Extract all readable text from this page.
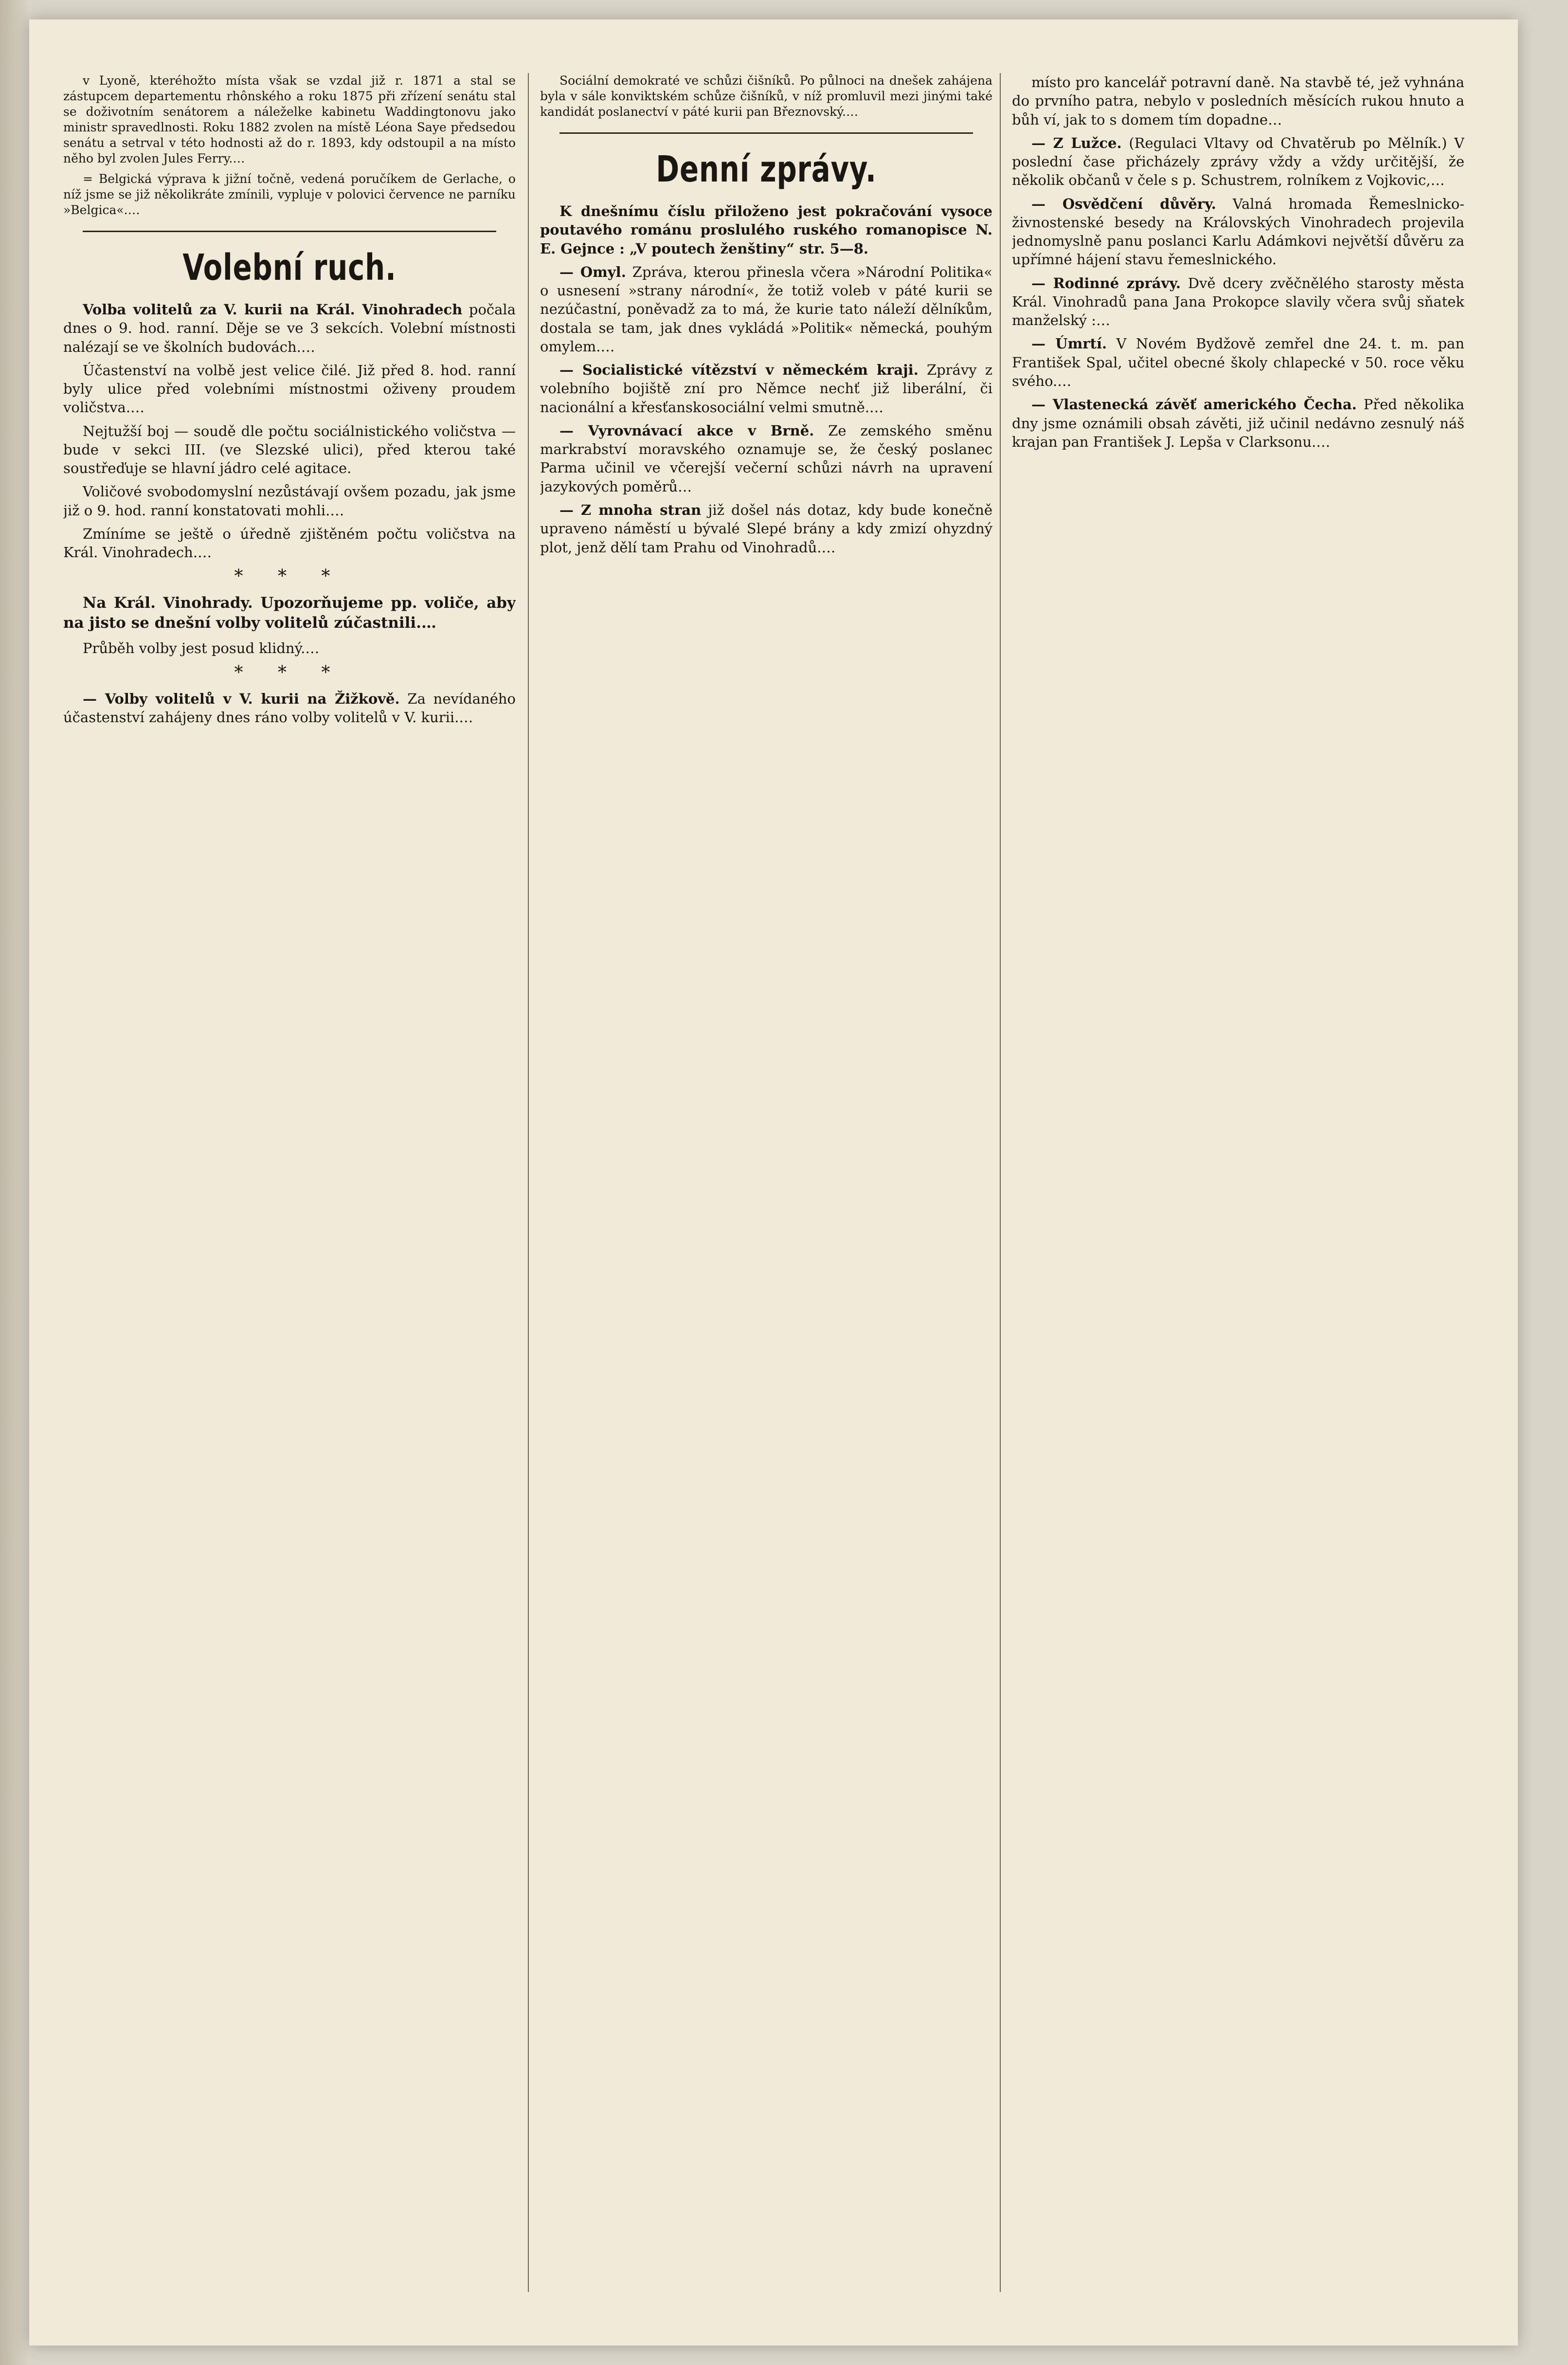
v Lyoně, kteréhožto místa však se vzdal již r. 1871 a stal se zástupcem departementu rhônského a roku 1875 při zřízení senátu stal se doživotním senátorem a náleželke kabinetu Waddingtonovu jako ministr spravedlnosti. Roku 1882 zvolen na místě Léona Saye předsedou senátu a setrval v této hodnosti až do r. 1893, kdy odstoupil a na místo něho byl zvolen Jules Ferry.…

= Belgická výprava k jižní točně, vedená poručíkem de Gerlache, o níž jsme se již několikráte zmínili, vypluje v polovici července ne parníku »Belgica«.…

Volební ruch.

Volba volitelů za V. kurii na Král. Vinohradech počala dnes o 9. hod. ranní. Děje se ve 3 sekcích. Volební místnosti nalézají se ve školních budovách.…

Účastenství na volbě jest velice čilé. Již před 8. hod. ranní byly ulice před volebními místnostmi oživeny proudem voličstva.…

Nejtužší boj — soudě dle počtu sociálnistického voličstva — bude v sekci III. (ve Slezské ulici), před kterou také soustřeďuje se hlavní jádro celé agitace.

Voličové svobodomyslní nezůstávají ovšem pozadu, jak jsme již o 9. hod. ranní konstatovati mohli.…

Zmíníme se ještě o úředně zjištěném počtu voličstva na Král. Vinohradech.…

* * *

Na Král. Vinohrady. Upozorňujeme pp. voliče, aby na jisto se dnešní volby volitelů zúčastnili.…

Průběh volby jest posud klidný.…

* * *

— Volby volitelů v V. kurii na Žižkově. Za nevídaného účastenství zahájeny dnes ráno volby volitelů v V. kurii.…

Sociální demokraté ve schůzi čišníků. Po půlnoci na dnešek zahájena byla v sále konviktském schůze čišníků, v níž promluvil mezi jinými také kandidát poslanectví v páté kurii pan Březnovský.…

Denní zprávy.

K dnešnímu číslu přiloženo jest pokračování vysoce poutavého románu proslulého ruského romanopisce N. E. Gejnce : „V poutech ženštiny“ str. 5—8.

— Omyl. Zpráva, kterou přinesla včera »Národní Politika« o usnesení »strany národní«, že totiž voleb v páté kurii se nezúčastní, poněvadž za to má, že kurie tato náleží dělníkům, dostala se tam, jak dnes vykládá »Politik« německá, pouhým omylem.…

— Socialistické vítězství v německém kraji. Zprávy z volebního bojiště zní pro Němce nechť již liberální, či nacionální a křesťanskosociální velmi smutně.…

— Vyrovnávací akce v Brně. Ze zemského směnu markrabství moravského oznamuje se, že český poslanec Parma učinil ve včerejší večerní schůzi návrh na upravení jazykových poměrů…

— Z mnoha stran již došel nás dotaz, kdy bude konečně upraveno náměstí u bývalé Slepé brány a kdy zmizí ohyzdný plot, jenž dělí tam Prahu od Vinohradů.…

místo pro kancelář potravní daně. Na stavbě té, jež vyhnána do prvního patra, nebylo v posledních měsících rukou hnuto a bůh ví, jak to s domem tím dopadne…

— Z Lužce. (Regulaci Vltavy od Chvatěrub po Mělník.) V poslední čase přicházely zprávy vždy a vždy určitější, že několik občanů v čele s p. Schustrem, rolníkem z Vojkovic,…

— Osvědčení důvěry. Valná hromada Řemeslnicko-živnostenské besedy na Královských Vinohradech projevila jednomyslně panu poslanci Karlu Adámkovi největší důvěru za upřímné hájení stavu řemeslnického.

— Rodinné zprávy. Dvě dcery zvěčnělého starosty města Král. Vinohradů pana Jana Prokopce slavily včera svůj sňatek manželský :…

— Úmrtí. V Novém Bydžově zemřel dne 24. t. m. pan František Spal, učitel obecné školy chlapecké v 50. roce věku svého.…

— Vlastenecká závěť amerického Čecha. Před několika dny jsme oznámili obsah závěti, již učinil nedávno zesnulý náš krajan pan František J. Lepša v Clarksonu.…
